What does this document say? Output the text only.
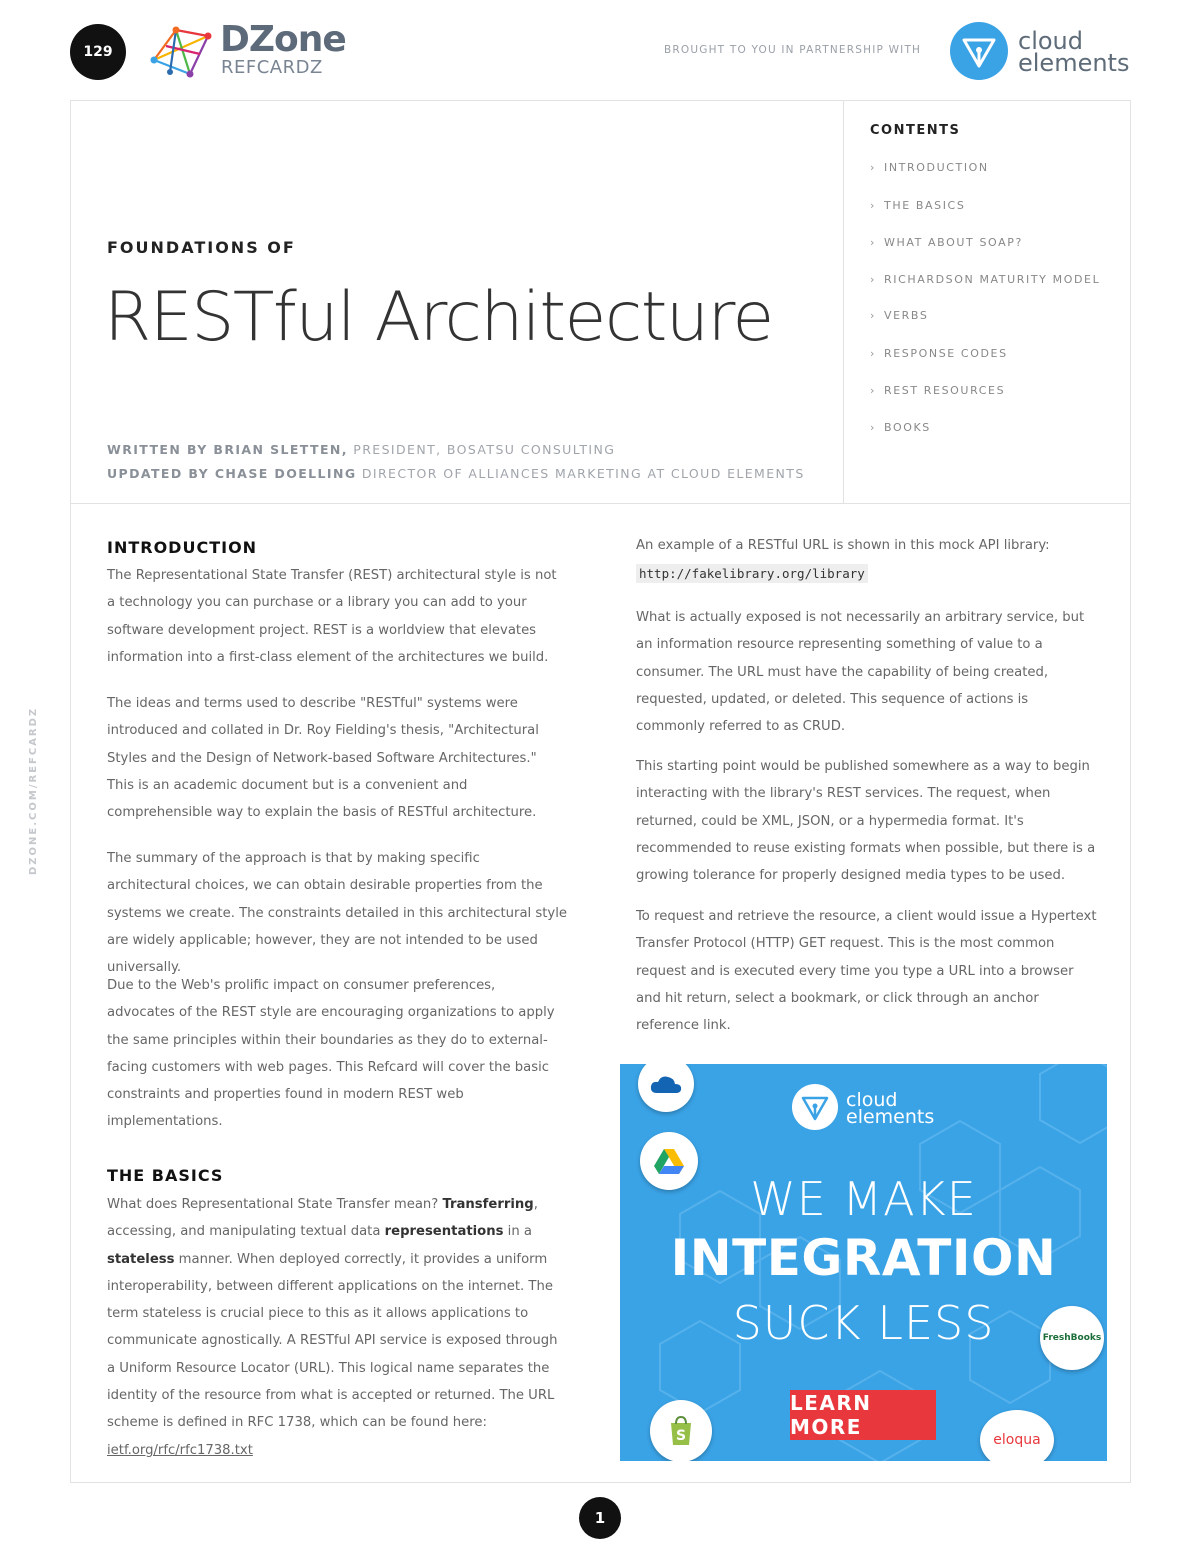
129	DZone
REFCARDZ
BROUGHT TO YOU IN PARTNERSHIP WITH	cloud
elements
FOUNDATIONS OF
RESTful Architecture
WRITTEN BY BRIAN SLETTEN, PRESIDENT, BOSATSU CONSULTING
UPDATED BY CHASE DOELLING DIRECTOR OF ALLIANCES MARKETING AT CLOUD ELEMENTS
CONTENTS
› INTRODUCTION
› THE BASICS
› WHAT ABOUT SOAP?
› RICHARDSON MATURITY MODEL
› VERBS
› RESPONSE CODES
› REST RESOURCES
› BOOKS
DZONE.COM/REFCARDZ
INTRODUCTION

The Representational State Transfer (REST) architectural style is not a technology you can purchase or a library you can add to your software development project. REST is a worldview that elevates information into a first-class element of the architectures we build.

The ideas and terms used to describe "RESTful" systems were introduced and collated in Dr. Roy Fielding's thesis, "Architectural Styles and the Design of Network-based Software Architectures." This is an academic document but is a convenient and comprehensible way to explain the basis of RESTful architecture.

The summary of the approach is that by making specific architectural choices, we can obtain desirable properties from the systems we create. The constraints detailed in this architectural style are widely applicable; however, they are not intended to be used universally.

Due to the Web's prolific impact on consumer preferences, advocates of the REST style are encouraging organizations to apply the same principles within their boundaries as they do to external-facing customers with web pages. This Refcard will cover the basic constraints and properties found in modern REST web implementations.

THE BASICS

What does Representational State Transfer mean? Transferring, accessing, and manipulating textual data representations in a stateless manner. When deployed correctly, it provides a uniform interoperability, between different applications on the internet. The term stateless is crucial piece to this as it allows applications to communicate agnostically. A RESTful API service is exposed through a Uniform Resource Locator (URL). This logical name separates the identity of the resource from what is accepted or returned. The URL scheme is defined in RFC 1738, which can be found here: ietf.org/rfc/rfc1738.txt

An example of a RESTful URL is shown in this mock API library:

http://fakelibrary.org/library

What is actually exposed is not necessarily an arbitrary service, but an information resource representing something of value to a consumer. The URL must have the capability of being created, requested, updated, or deleted. This sequence of actions is commonly referred to as CRUD.

This starting point would be published somewhere as a way to begin interacting with the library's REST services. The request, when returned, could be XML, JSON, or a hypermedia format. It's recommended to reuse existing formats when possible, but there is a growing tolerance for properly designed media types to be used.

To request and retrieve the resource, a client would issue a Hypertext Transfer Protocol (HTTP) GET request. This is the most common request and is executed every time you type a URL into a browser and hit return, select a bookmark, or click through an anchor reference link.

S
FreshBooks
eloqua
cloud
elements
WE MAKE
INTEGRATION
SUCK LESS
LEARN MORE
1
